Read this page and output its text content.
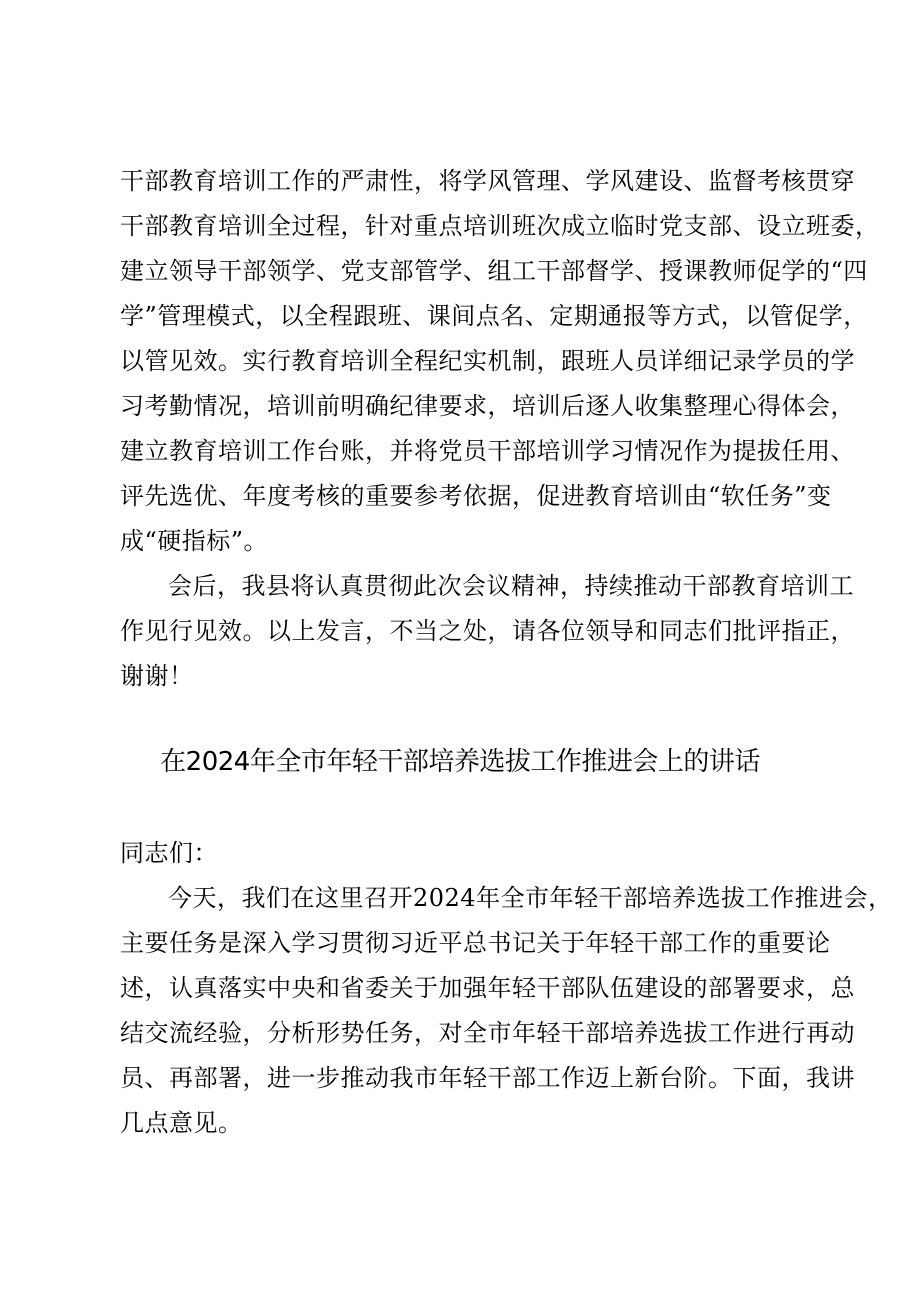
干部教育培训工作的严肃性，将学风管理、学风建设、监督考核贯穿
干部教育培训全过程，针对重点培训班次成立临时党支部、设立班委，
建立领导干部领学、党支部管学、组工干部督学、授课教师促学的“四
学”管理模式，以全程跟班、课间点名、定期通报等方式，以管促学，
以管见效。实行教育培训全程纪实机制，跟班人员详细记录学员的学
习考勤情况，培训前明确纪律要求，培训后逐人收集整理心得体会，
建立教育培训工作台账，并将党员干部培训学习情况作为提拔任用、
评先选优、年度考核的重要参考依据，促进教育培训由“软任务”变
成“硬指标”。
会后，我县将认真贯彻此次会议精神，持续推动干部教育培训工
作见行见效。以上发言，不当之处，请各位领导和同志们批评指正，
谢谢！
在2024年全市年轻干部培养选拔工作推进会上的讲话
同志们：
今天，我们在这里召开2024年全市年轻干部培养选拔工作推进会，
主要任务是深入学习贯彻习近平总书记关于年轻干部工作的重要论
述，认真落实中央和省委关于加强年轻干部队伍建设的部署要求，总
结交流经验，分析形势任务，对全市年轻干部培养选拔工作进行再动
员、再部署，进一步推动我市年轻干部工作迈上新台阶。下面，我讲
几点意见。
